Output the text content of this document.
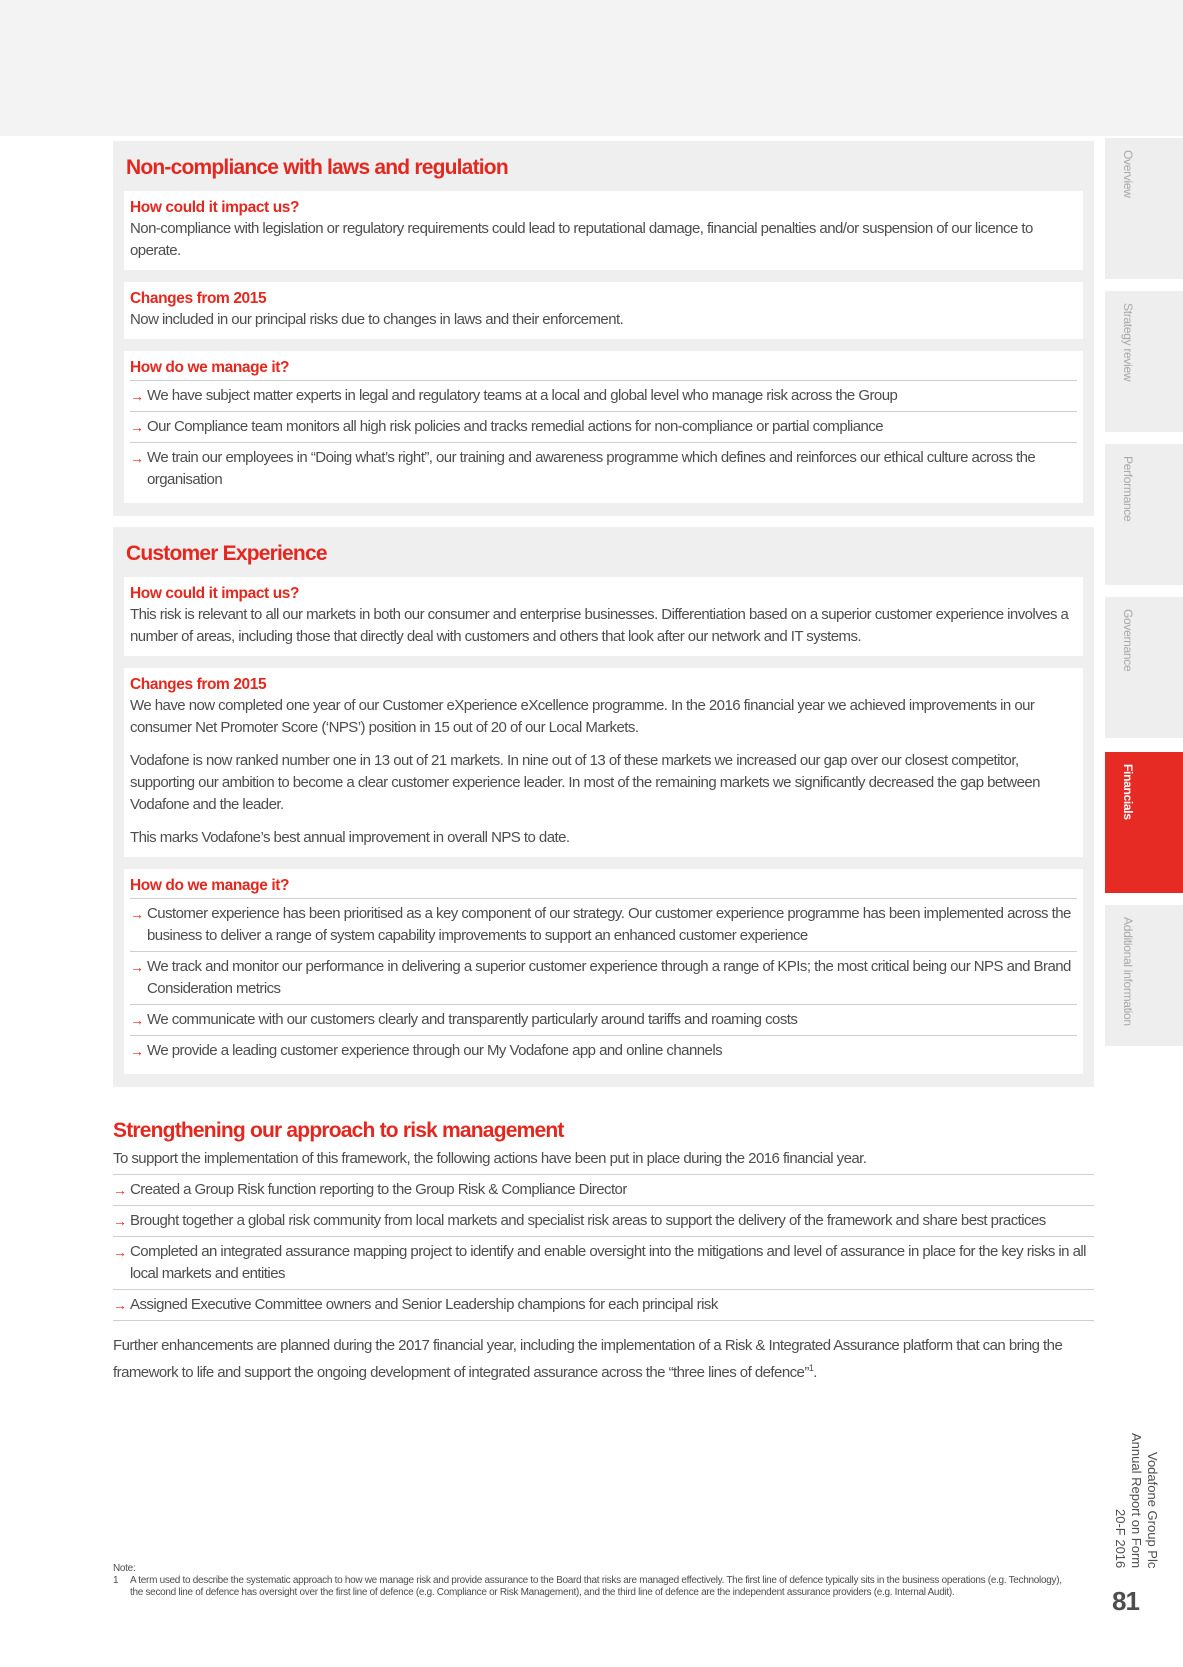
Non-compliance with laws and regulation
How could it impact us?

Non-compliance with legislation or regulatory requirements could lead to reputational damage, financial penalties and/or suspension of our licence to operate.

Changes from 2015

Now included in our principal risks due to changes in laws and their enforcement.

How do we manage it?
→ We have subject matter experts in legal and regulatory teams at a local and global level who manage risk across the Group
→ Our Compliance team monitors all high risk policies and tracks remedial actions for non-compliance or partial compliance
→ We train our employees in “Doing what’s right”, our training and awareness programme which defines and reinforces our ethical culture across the organisation
Customer Experience
How could it impact us?

This risk is relevant to all our markets in both our consumer and enterprise businesses. Differentiation based on a superior customer experience involves a number of areas, including those that directly deal with customers and others that look after our network and IT systems.

Changes from 2015

We have now completed one year of our Customer eXperience eXcellence programme. In the 2016 financial year we achieved improvements in our consumer Net Promoter Score (‘NPS’) position in 15 out of 20 of our Local Markets.

Vodafone is now ranked number one in 13 out of 21 markets. In nine out of 13 of these markets we increased our gap over our closest competitor, supporting our ambition to become a clear customer experience leader. In most of the remaining markets we significantly decreased the gap between Vodafone and the leader.

This marks Vodafone’s best annual improvement in overall NPS to date.

How do we manage it?
→ Customer experience has been prioritised as a key component of our strategy. Our customer experience programme has been implemented across the business to deliver a range of system capability improvements to support an enhanced customer experience
→ We track and monitor our performance in delivering a superior customer experience through a range of KPIs; the most critical being our NPS and Brand Consideration metrics
→ We communicate with our customers clearly and transparently particularly around tariffs and roaming costs
→ We provide a leading customer experience through our My Vodafone app and online channels
Strengthening our approach to risk management

To support the implementation of this framework, the following actions have been put in place during the 2016 financial year.

→ Created a Group Risk function reporting to the Group Risk & Compliance Director
→ Brought together a global risk community from local markets and specialist risk areas to support the delivery of the framework and share best practices
→ Completed an integrated assurance mapping project to identify and enable oversight into the mitigations and level of assurance in place for the key risks in all local markets and entities
→ Assigned Executive Committee owners and Senior Leadership champions for each principal risk

Further enhancements are planned during the 2017 financial year, including the implementation of a Risk & Integrated Assurance platform that can bring the framework to life and support the ongoing development of integrated assurance across the “three lines of defence”$^1$.

Note:
1	A term used to describe the systematic approach to how we manage risk and provide assurance to the Board that risks are managed effectively. The first line of defence typically sits in the business operations (e.g. Technology), the second line of defence has oversight over the first line of defence (e.g. Compliance or Risk Management), and the third line of defence are the independent assurance providers (e.g. Internal Audit).
Overview
Strategy review
Performance
Governance
Financials
Additional information
Vodafone Group Plc
Annual Report on Form 20-F 2016
81
